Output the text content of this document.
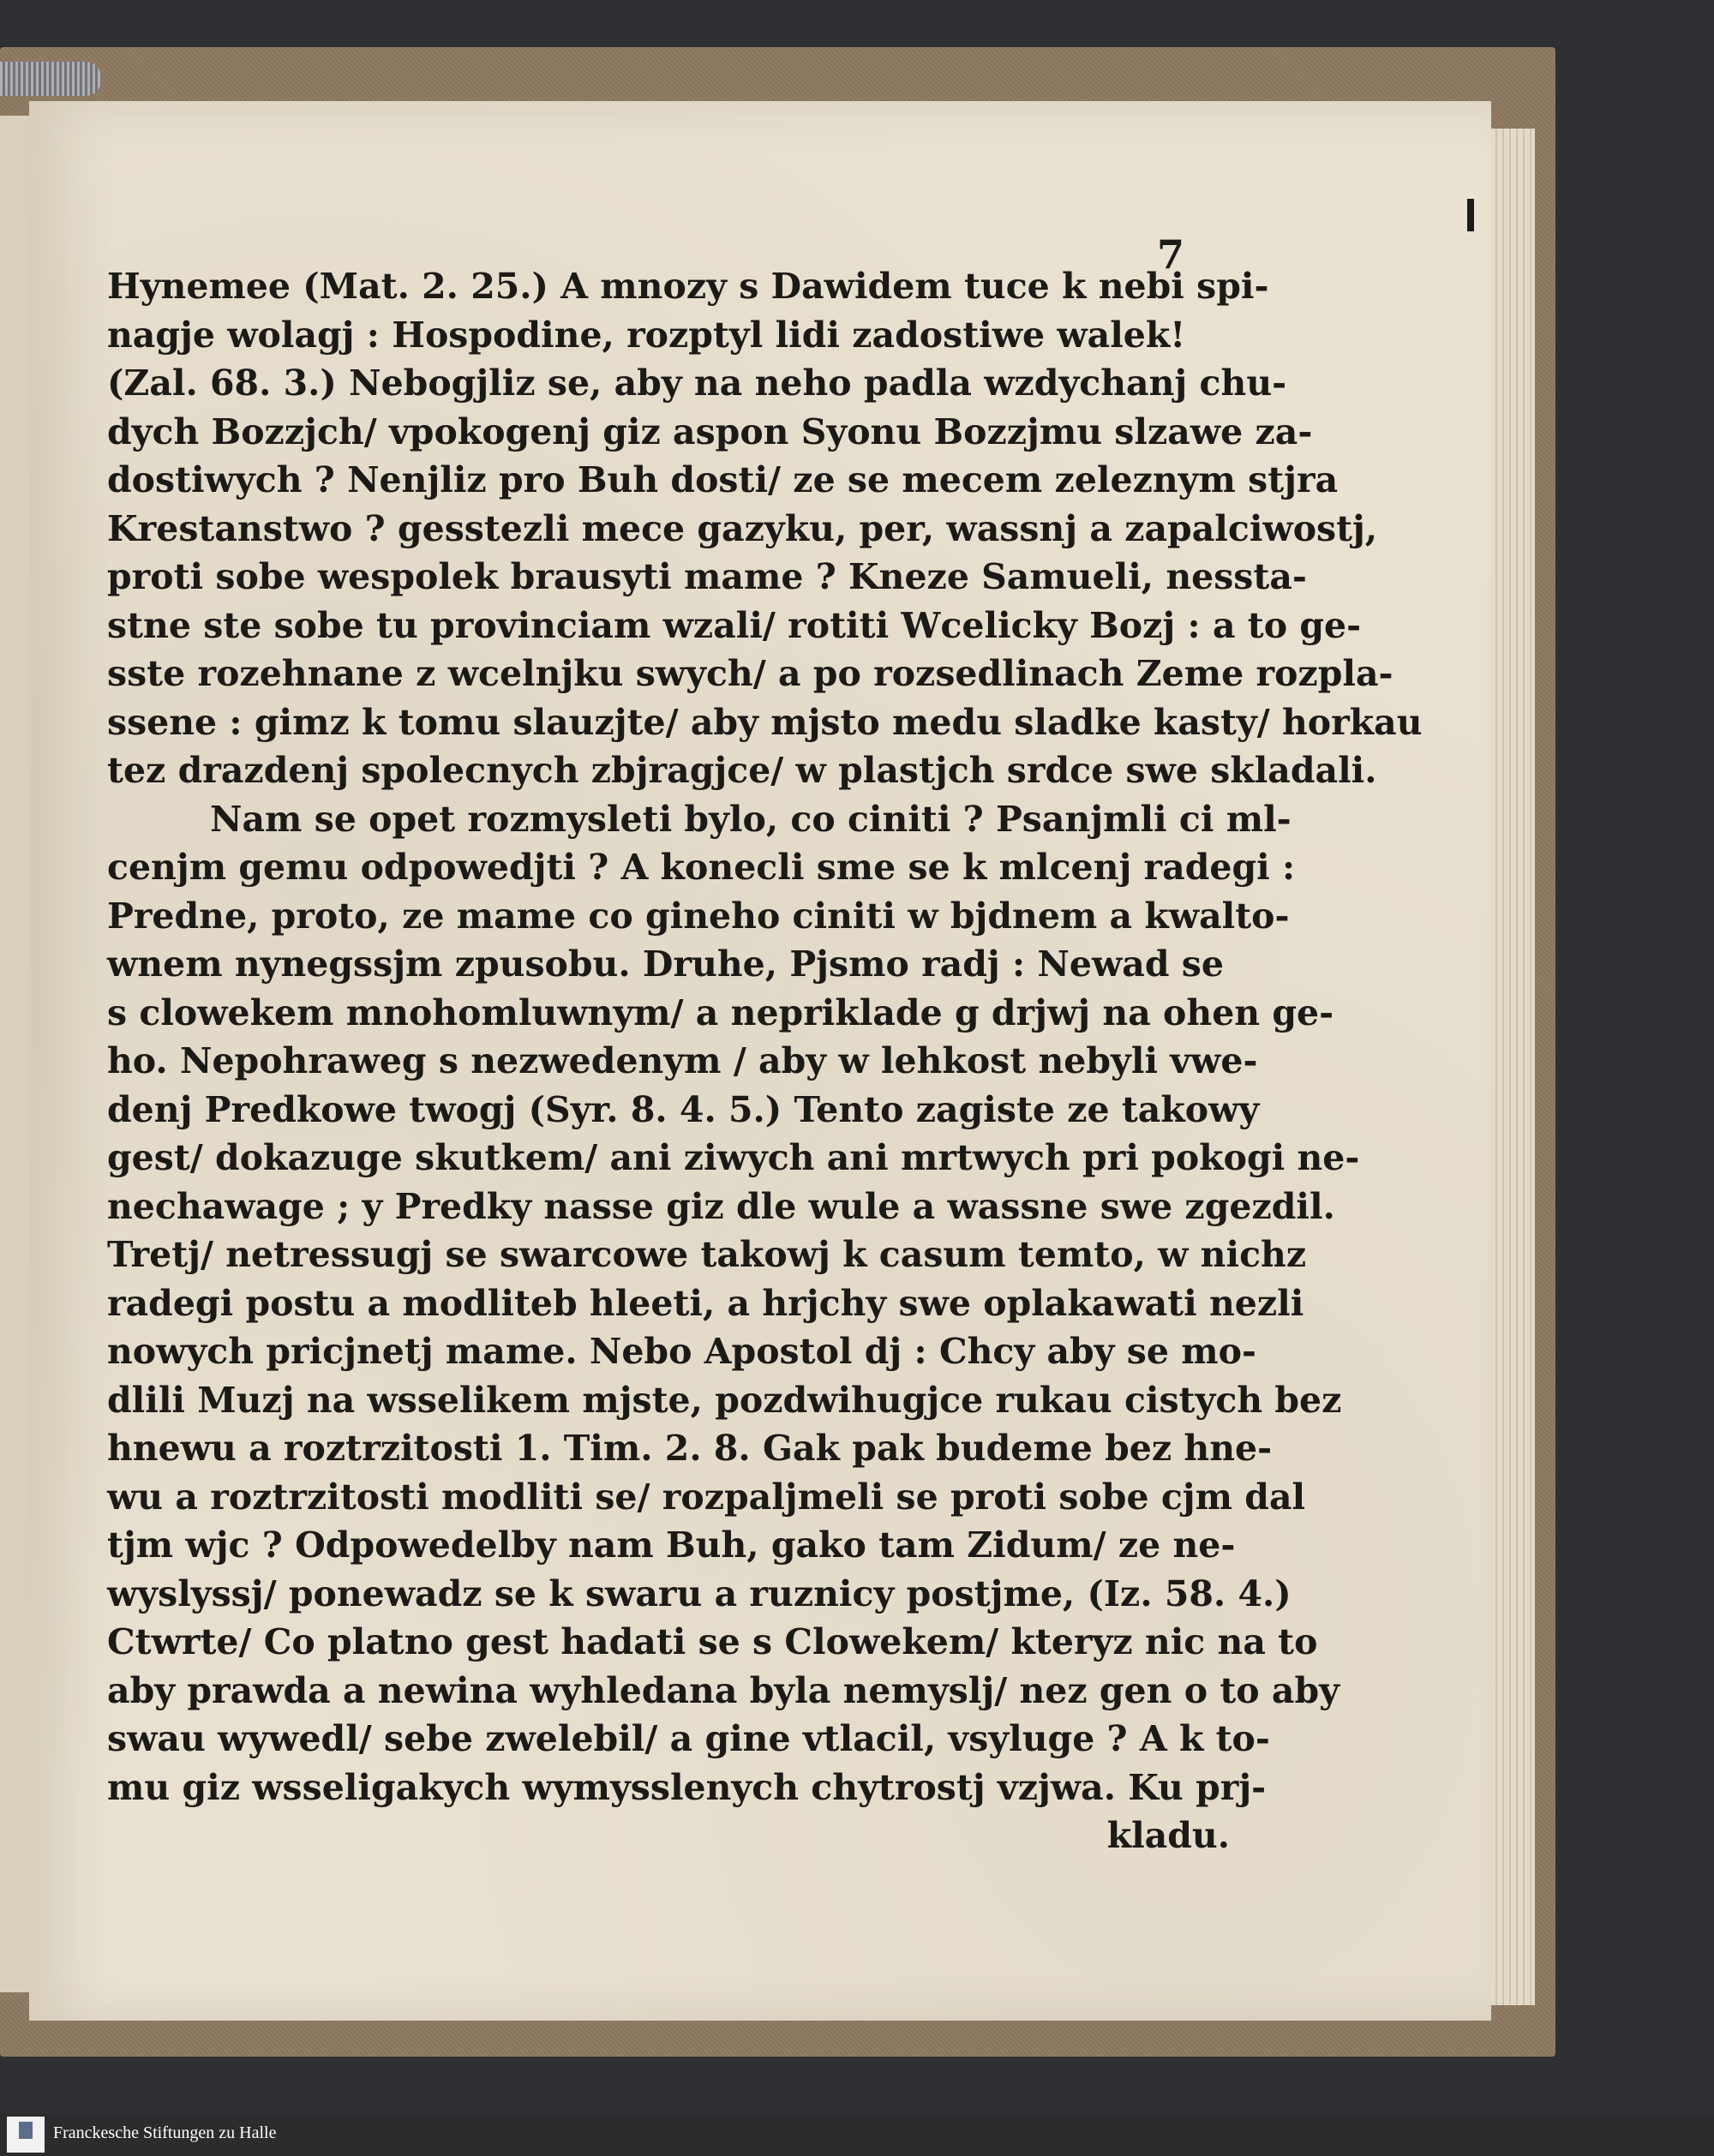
7
Hynemee (Mat. 2. 25.) A mnozy s Dawidem tuce k nebi spi-
nagje wolagj : Hospodine, rozptyl lidi zadostiwe walek!
(Zal. 68. 3.) Nebogjliz se, aby na neho padla wzdychanj chu-
dych Bozzjch/ vpokogenj giz aspon Syonu Bozzjmu slzawe za-
dostiwych ? Nenjliz pro Buh dosti/ ze se mecem zeleznym stjra
Krestanstwo ? gesstezli mece gazyku, per, wassnj a zapalciwostj,
proti sobe wespolek brausyti mame ? Kneze Samueli, nessta-
stne ste sobe tu provinciam wzali/ rotiti Wcelicky Bozj : a to ge-
sste rozehnane z wcelnjku swych/ a po rozsedlinach Zeme rozpla-
ssene : gimz k tomu slauzjte/ aby mjsto medu sladke kasty/ horkau
tez drazdenj spolecnych zbjragjce/ w plastjch srdce swe skladali.
Nam se opet rozmysleti bylo, co ciniti ? Psanjmli ci ml-
cenjm gemu odpowedjti ? A konecli sme se k mlcenj radegi :
Predne, proto, ze mame co gineho ciniti w bjdnem a kwalto-
wnem nynegssjm zpusobu. Druhe, Pjsmo radj : Newad se
s clowekem mnohomluwnym/ a nepriklade g drjwj na ohen ge-
ho. Nepohraweg s nezwedenym / aby w lehkost nebyli vwe-
denj Predkowe twogj (Syr. 8. 4. 5.) Tento zagiste ze takowy
gest/ dokazuge skutkem/ ani ziwych ani mrtwych pri pokogi ne-
nechawage ; y Predky nasse giz dle wule a wassne swe zgezdil.
Tretj/ netressugj se swarcowe takowj k casum temto, w nichz
radegi postu a modliteb hleeti, a hrjchy swe oplakawati nezli
nowych pricjnetj mame. Nebo Apostol dj : Chcy aby se mo-
dlili Muzj na wsselikem mjste, pozdwihugjce rukau cistych bez
hnewu a roztrzitosti 1. Tim. 2. 8. Gak pak budeme bez hne-
wu a roztrzitosti modliti se/ rozpaljmeli se proti sobe cjm dal
tjm wjc ? Odpowedelby nam Buh, gako tam Zidum/ ze ne-
wyslyssj/ ponewadz se k swaru a ruznicy postjme, (Iz. 58. 4.)
Ctwrte/ Co platno gest hadati se s Clowekem/ kteryz nic na to
aby prawda a newina wyhledana byla nemyslj/ nez gen o to aby
swau wywedl/ sebe zwelebil/ a gine vtlacil, vsyluge ? A k to-
mu giz wsseligakych wymysslenych chytrostj vzjwa. Ku prj-
kladu.
Franckesche Stiftungen zu Halle
